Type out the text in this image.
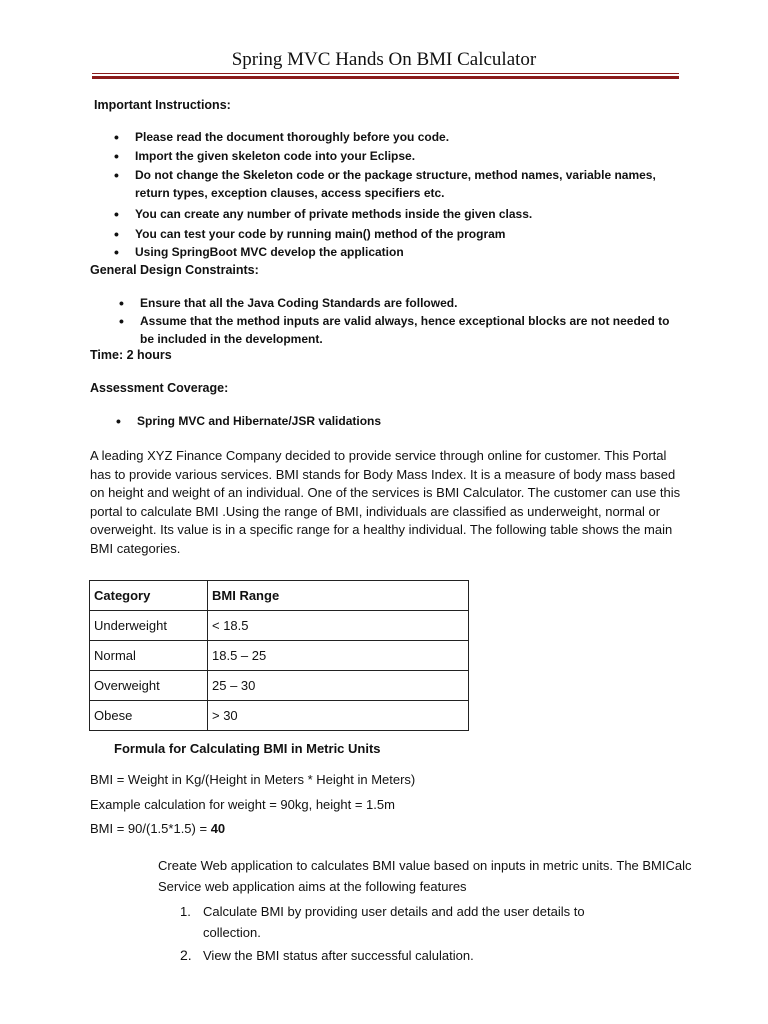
Spring MVC Hands On BMI Calculator
Important Instructions:
• Please read the document thoroughly before you code.
• Import the given skeleton code into your Eclipse.
• Do not change the Skeleton code or the package structure, method names, variable names,
return types, exception clauses, access specifiers etc.
• You can create any number of private methods inside the given class.
• You can test your code by running main() method of the program
• Using SpringBoot MVC develop the application
General Design Constraints:
• Ensure that all the Java Coding Standards are followed.
• Assume that the method inputs are valid always, hence exceptional blocks are not needed to
be included in the development.
Time: 2 hours
Assessment Coverage:
• Spring MVC and Hibernate/JSR validations
A leading XYZ Finance Company decided to provide service through online for customer. This Portal has to provide various services. BMI stands for Body Mass Index. It is a measure of body mass based on height and weight of an individual. One of the services is BMI Calculator. The customer can use this portal to calculate BMI .Using the range of BMI, individuals are classified as underweight, normal or overweight. Its value is in a specific range for a healthy individual. The following table shows the main BMI categories.
Category	BMI Range
Underweight	< 18.5
Normal	18.5 – 25
Overweight	25 – 30
Obese	> 30
Formula for Calculating BMI in Metric Units
BMI = Weight in Kg/(Height in Meters * Height in Meters)
Example calculation for weight = 90kg, height = 1.5m
BMI = 90/(1.5*1.5) = 40
Create Web application to calculates BMI value based on inputs in metric units. The BMICalc Service web application aims at the following features
1. Calculate BMI by providing user details and add the user details to collection.
2. View the BMI status after successful calulation.
